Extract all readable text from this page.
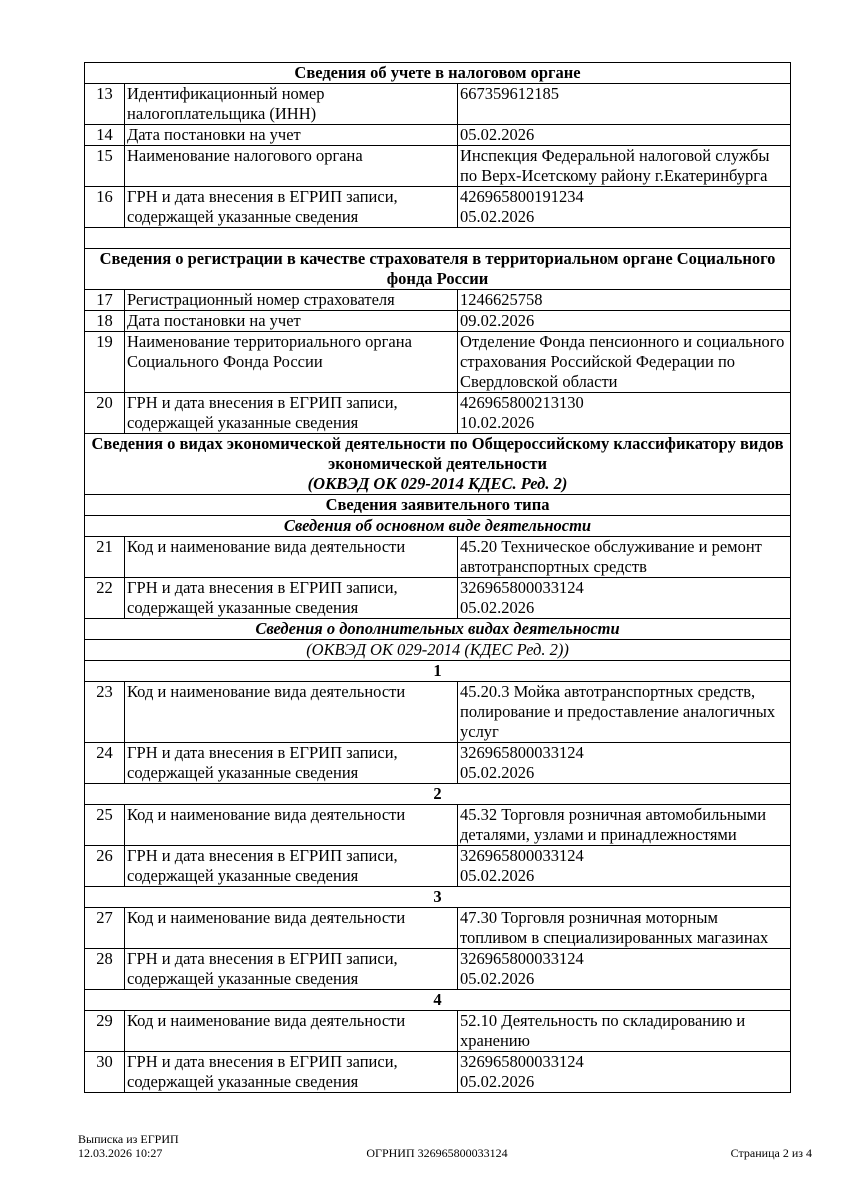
Сведения об учете в налоговом органе		

13	Идентификационный номер налогоплательщика (ИНН)	667359612185

14	Дата постановки на учет	05.02.2026

15	Наименование налогового органа	Инспекция Федеральной налоговой службы по Верх-Исетскому району г.Екатеринбурга

16	ГРН и дата внесения в ЕГРИП записи, содержащей указанные сведения	426965800191234
05.02.2026

Сведения о регистрации в качестве страхователя в территориальном органе Социального фонда России		

17	Регистрационный номер страхователя	1246625758

18	Дата постановки на учет	09.02.2026

19	Наименование территориального органа Социального Фонда России	Отделение Фонда пенсионного и социального страхования Российской Федерации по Свердловской области

20	ГРН и дата внесения в ЕГРИП записи, содержащей указанные сведения	426965800213130
10.02.2026

Сведения о видах экономической деятельности по Общероссийскому классификатору видов экономической деятельности
(ОКВЭД ОК 029-2014 КДЕС. Ред. 2)		

Сведения заявительного типа		

Сведения об основном виде деятельности		

21	Код и наименование вида деятельности	45.20 Техническое обслуживание и ремонт автотранспортных средств

22	ГРН и дата внесения в ЕГРИП записи, содержащей указанные сведения	326965800033124
05.02.2026

Сведения о дополнительных видах деятельности		

(ОКВЭД ОК 029-2014 (КДЕС Ред. 2))		

1		
23	Код и наименование вида деятельности	45.20.3 Мойка автотранспортных средств, полирование и предоставление аналогичных услуг

24	ГРН и дата внесения в ЕГРИП записи, содержащей указанные сведения	326965800033124
05.02.2026

2		
25	Код и наименование вида деятельности	45.32 Торговля розничная автомобильными деталями, узлами и принадлежностями

26	ГРН и дата внесения в ЕГРИП записи, содержащей указанные сведения	326965800033124
05.02.2026

3		
27	Код и наименование вида деятельности	47.30 Торговля розничная моторным топливом в специализированных магазинах

28	ГРН и дата внесения в ЕГРИП записи, содержащей указанные сведения	326965800033124
05.02.2026

4		
29	Код и наименование вида деятельности	52.10 Деятельность по складированию и хранению

30	ГРН и дата внесения в ЕГРИП записи, содержащей указанные сведения	326965800033124
05.02.2026
Выписка из ЕГРИП
12.03.2026 10:27	ОГРНИП 326965800033124	Страница 2 из 4
